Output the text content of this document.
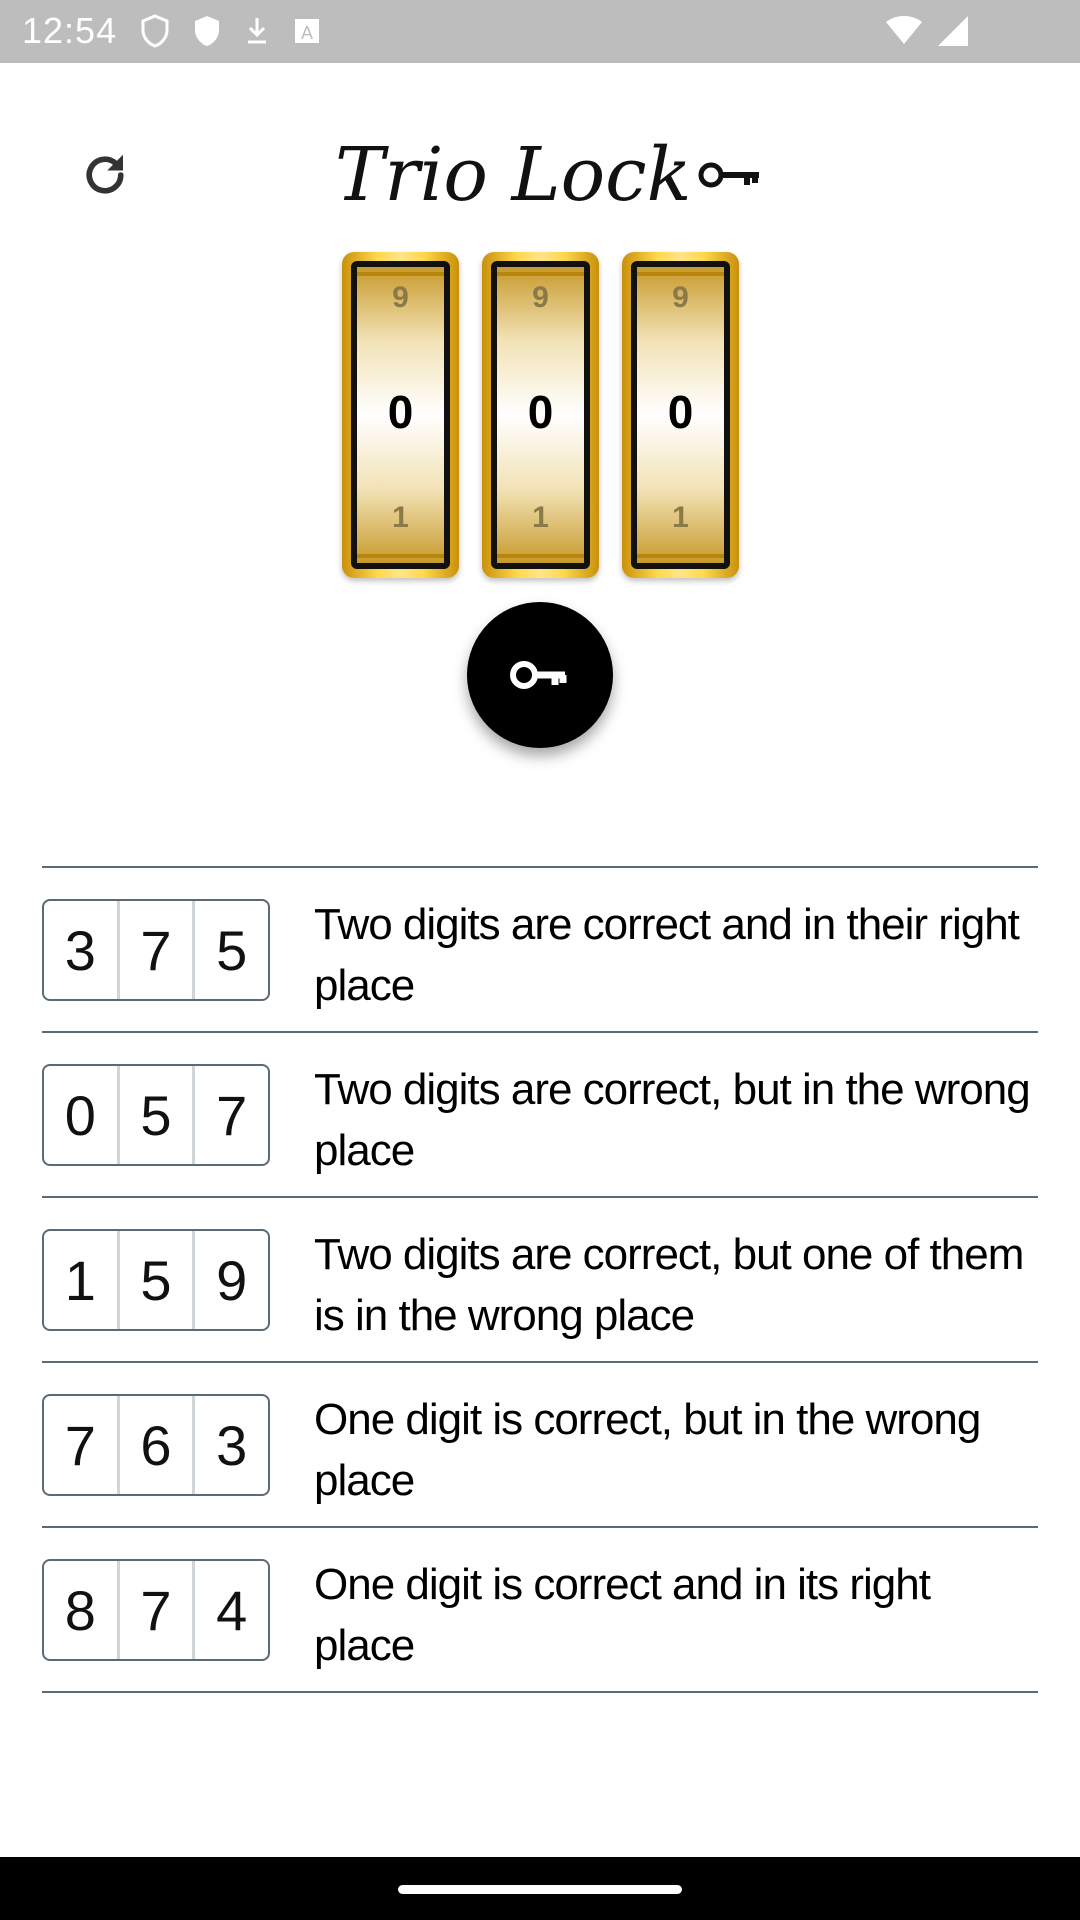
12:54	A
Trio Lock
9
0
1
9
0
1
9
0
1
3 7 5	Two digits are correct and in their right place
0 5 7	Two digits are correct, but in the wrong place
1 5 9	Two digits are correct, but one of them is in the wrong place
7 6 3	One digit is correct, but in the wrong place
8 7 4	One digit is correct and in its right place
